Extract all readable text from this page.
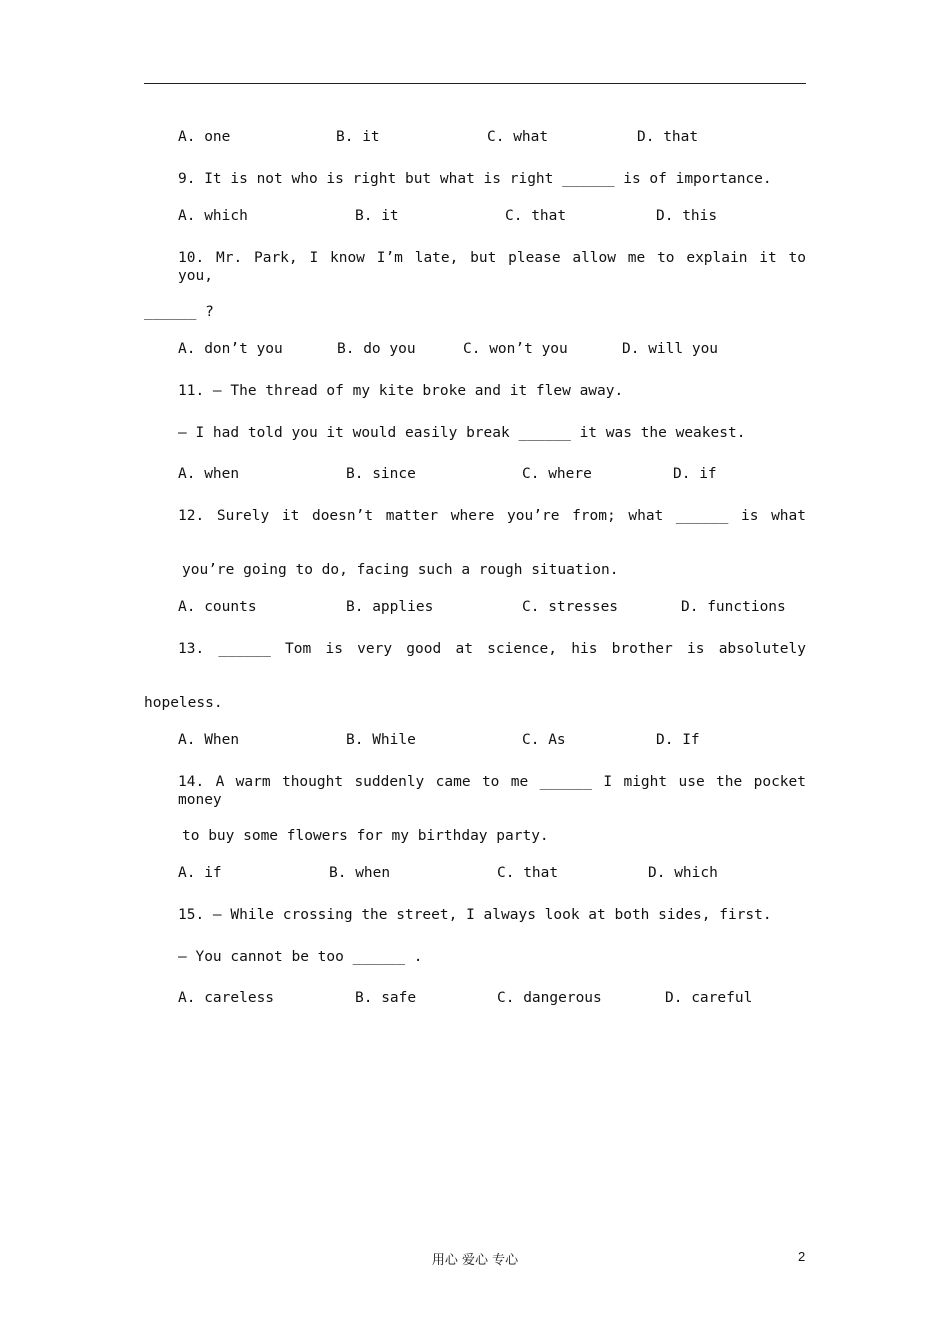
A. one	B. it	C. what	D. that
9. It is not who is right but what is right ______ is of importance.
A. which	B. it	C. that	D. this
10. Mr. Park, I know I’m late, but please allow me to explain it to you,
______ ?
A. don’t you	B. do you	C. won’t you	D. will you
11. – The thread of my kite broke and it flew away.
– I had told you it would easily break ______ it was the weakest.
A. when	B. since	C. where	D. if
12. Surely it doesn’t matter where you’re from; what ______ is what
you’re going to do, facing such a rough situation.
A. counts	B. applies	C. stresses	D. functions
13. ______ Tom is very good at science, his brother is absolutely
hopeless.
A. When	B. While	C. As	D. If
14. A warm thought suddenly came to me ______ I might use the pocket money
to buy some flowers for my birthday party.
A. if	B. when	C. that	D. which
15. – While crossing the street, I always look at both sides, first.
– You cannot be too ______ .
A. careless	B. safe	C. dangerous	D. careful
用心 爱心 专心	2
